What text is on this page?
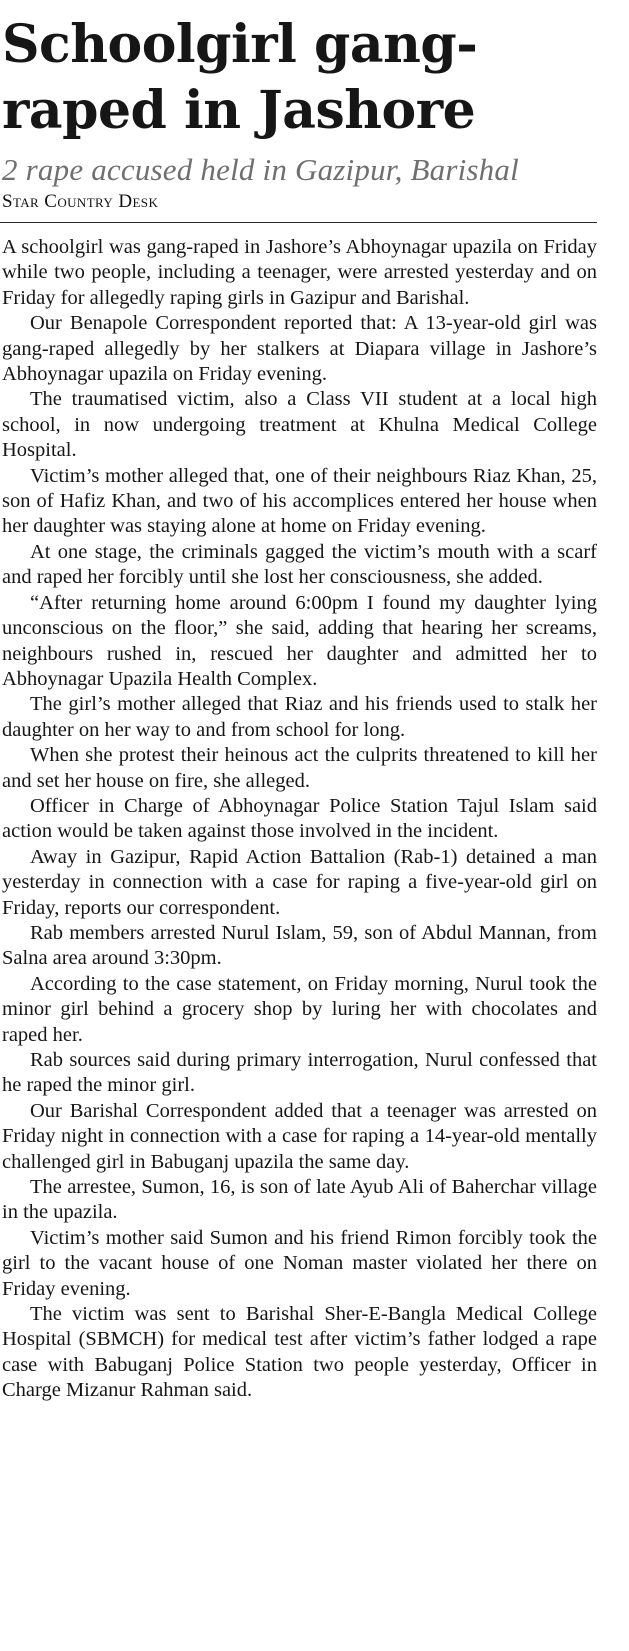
Schoolgirl gang-raped in Jashore
2 rape accused held in Gazipur, Barishal
Star Country Desk

A schoolgirl was gang-raped in Jashore’s Abhoynagar upazila on Friday while two people, including a teenager, were arrested yesterday and on Friday for allegedly raping girls in Gazipur and Barishal.

Our Benapole Correspondent reported that: A 13-year-old girl was gang-raped allegedly by her stalkers at Diapara village in Jashore’s Abhoynagar upazila on Friday evening.

The traumatised victim, also a Class VII student at a local high school, in now undergoing treatment at Khulna Medical College Hospital.

Victim’s mother alleged that, one of their neighbours Riaz Khan, 25, son of Hafiz Khan, and two of his accomplices entered her house when her daughter was staying alone at home on Friday evening.

At one stage, the criminals gagged the victim’s mouth with a scarf and raped her forcibly until she lost her consciousness, she added.

“After returning home around 6:00pm I found my daughter lying unconscious on the floor,” she said, adding that hearing her screams, neighbours rushed in, rescued her daughter and admitted her to Abhoynagar Upazila Health Complex.

The girl’s mother alleged that Riaz and his friends used to stalk her daughter on her way to and from school for long.

When she protest their heinous act the culprits threatened to kill her and set her house on fire, she alleged.

Officer in Charge of Abhoynagar Police Station Tajul Islam said action would be taken against those involved in the incident.

Away in Gazipur, Rapid Action Battalion (Rab-1) detained a man yesterday in connection with a case for raping a five-year-old girl on Friday, reports our correspondent.

Rab members arrested Nurul Islam, 59, son of Abdul Mannan, from Salna area around 3:30pm.

According to the case statement, on Friday morning, Nurul took the minor girl behind a grocery shop by luring her with chocolates and raped her.

Rab sources said during primary interrogation, Nurul confessed that he raped the minor girl.

Our Barishal Correspondent added that a teenager was arrested on Friday night in connection with a case for raping a 14-year-old mentally challenged girl in Babuganj upazila the same day.

The arrestee, Sumon, 16, is son of late Ayub Ali of Baherchar village in the upazila.

Victim’s mother said Sumon and his friend Rimon forcibly took the girl to the vacant house of one Noman master violated her there on Friday evening.

The victim was sent to Barishal Sher-E-Bangla Medical College Hospital (SBMCH) for medical test after victim’s father lodged a rape case with Babuganj Police Station two people yesterday, Officer in Charge Mizanur Rahman said.
